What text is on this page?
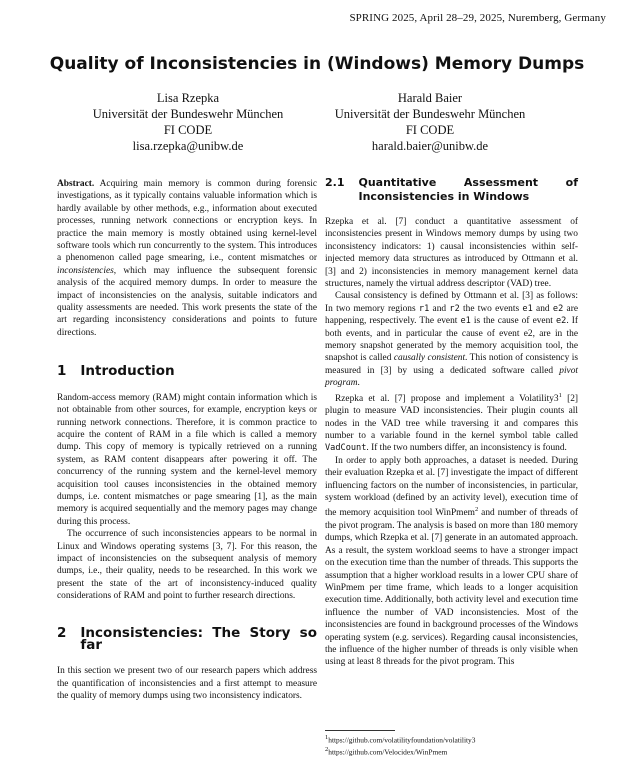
SPRING 2025, April 28–29, 2025, Nuremberg, Germany
Quality of Inconsistencies in (Windows) Memory Dumps
Lisa Rzepka
Universität der Bundeswehr München
FI CODE
lisa.rzepka@unibw.de
Harald Baier
Universität der Bundeswehr München
FI CODE
harald.baier@unibw.de

Abstract. Acquiring main memory is common during forensic investigations, as it typically contains valuable information which is hardly available by other methods, e.g., information about executed processes, running network connections or encryption keys. In practice the main memory is mostly obtained using kernel-level software tools which run concurrently to the system. This introduces a phenomenon called page smearing, i.e., content mismatches or inconsistencies, which may influence the subsequent forensic analysis of the acquired memory dumps. In order to measure the impact of inconsistencies on the analysis, suitable indicators and quality assessments are needed. This work presents the state of the art regarding inconsistency considerations and points to future directions.

1 Introduction

Random-access memory (RAM) might contain information which is not obtainable from other sources, for example, encryption keys or running network connections. Therefore, it is common practice to acquire the content of RAM in a file which is called a memory dump. This copy of memory is typically retrieved on a running system, as RAM content disappears after powering it off. The concurrency of the running system and the kernel-level memory acquisition tool causes inconsistencies in the obtained memory dumps, i.e. content mismatches or page smearing [1], as the main memory is acquired sequentially and the memory pages may change during this process.

The occurrence of such inconsistencies appears to be normal in Linux and Windows operating systems [3, 7]. For this reason, the impact of inconsistencies on the subsequent analysis of memory dumps, i.e., their quality, needs to be researched. In this work we present the state of the art of inconsistency-induced quality considerations of RAM and point to further research directions.

2 Inconsistencies: The Story so far

In this section we present two of our research papers which address the quantification of inconsistencies and a first attempt to measure the quality of memory dumps using two inconsistency indicators.

2.1 Quantitative Assessment of Inconsistencies in Windows

Rzepka et al. [7] conduct a quantitative assessment of inconsistencies present in Windows memory dumps by using two inconsistency indicators: 1) causal inconsistencies within self-injected memory data structures as introduced by Ottmann et al. [3] and 2) inconsistencies in memory management kernel data structures, namely the virtual address descriptor (VAD) tree.

Causal consistency is defined by Ottmann et al. [3] as follows: In two memory regions r1 and r2 the two events e1 and e2 are happening, respectively. The event e1 is the cause of event e2. If both events, and in particular the cause of event e2, are in the memory snapshot generated by the memory acquisition tool, the snapshot is called causally consistent. This notion of consistency is measured in [3] by using a dedicated software called pivot program.

Rzepka et al. [7] propose and implement a $Volatility3^1$ [2] plugin to measure VAD inconsistencies. Their plugin counts all nodes in the VAD tree while traversing it and compares this number to a variable found in the kernel symbol table called VadCount. If the two numbers differ, an inconsistency is found.

In order to apply both approaches, a dataset is needed. During their evaluation Rzepka et al. [7] investigate the impact of different influencing factors on the number of inconsistencies, in particular, system workload (defined by an activity level), execution time of the memory acquisition tool WinPmem$^2$ and number of threads of the pivot program. The analysis is based on more than 180 memory dumps, which Rzepka et al. [7] generate in an automated approach. As a result, the system workload seems to have a stronger impact on the execution time than the number of threads. This supports the assumption that a higher workload results in a lower CPU share of WinPmem per time frame, which leads to a longer acquisition execution time. Additionally, both activity level and execution time influence the number of VAD inconsistencies. Most of the inconsistencies are found in background processes of the Windows operating system (e.g. services). Regarding causal inconsistencies, the influence of the higher number of threads is only visible when using at least 8 threads for the pivot program. This

$^1$https://github.com/volatilityfoundation/volatility3
$^2$https://github.com/Velocidex/WinPmem
